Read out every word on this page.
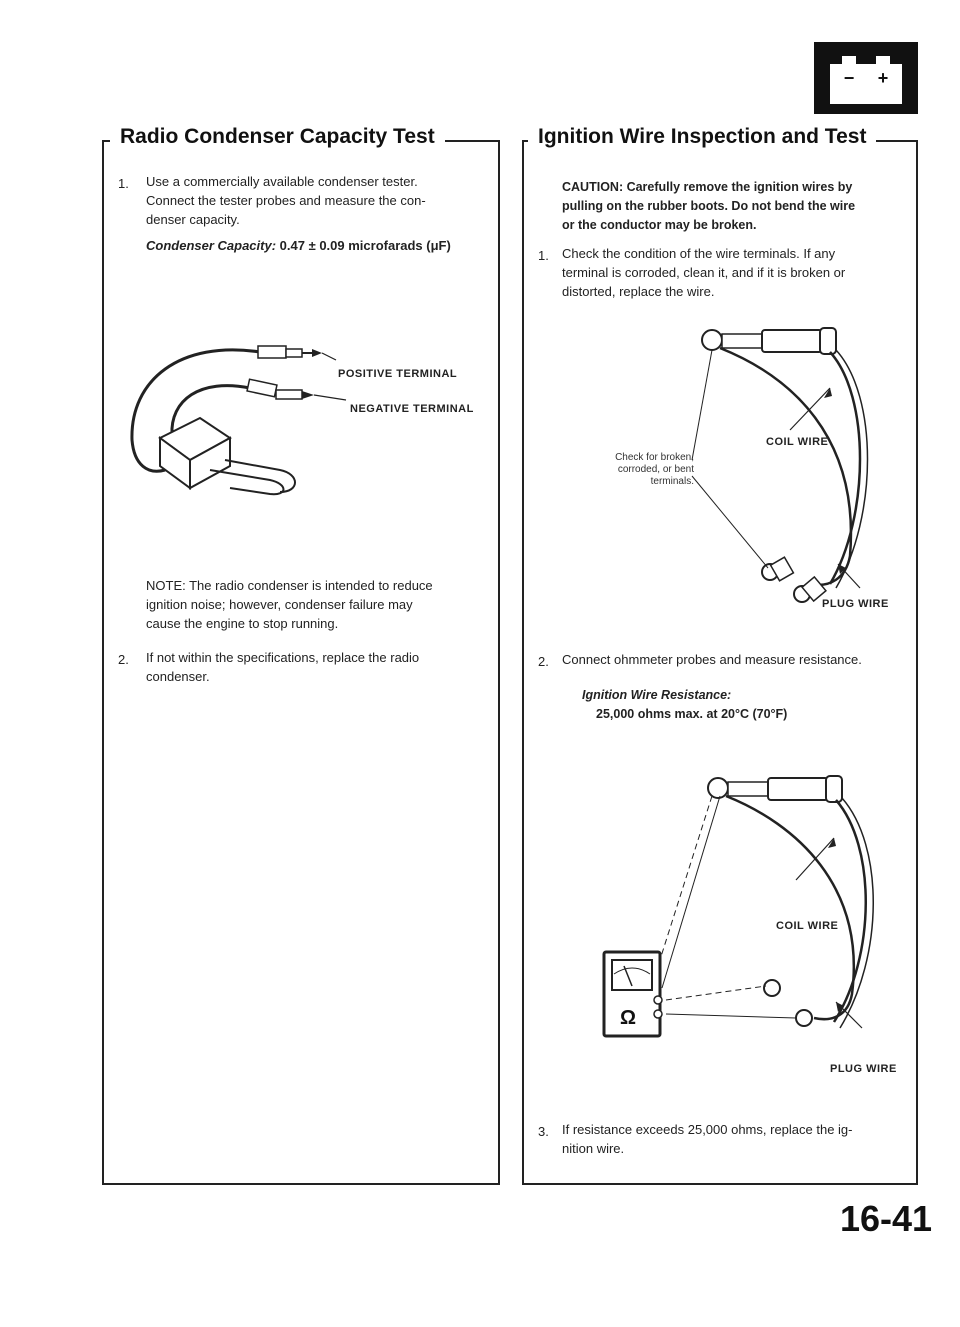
− +
Radio Condenser Capacity Test
1. Use a commercially available condenser tester.
Connect the tester probes and measure the con-
denser capacity.
Condenser Capacity: 0.47 ± 0.09 microfarads (μF)
POSITIVE TERMINAL
NEGATIVE TERMINAL
NOTE: The radio condenser is intended to reduce
ignition noise; however, condenser failure may
cause the engine to stop running.
2. If not within the specifications, replace the radio
condenser.
Ignition Wire Inspection and Test
CAUTION: Carefully remove the ignition wires by
pulling on the rubber boots. Do not bend the wire
or the conductor may be broken.
1. Check the condition of the wire terminals. If any
terminal is corroded, clean it, and if it is broken or
distorted, replace the wire.
Check for broken,
corroded, or bent
terminals.
COIL WIRE
PLUG WIRE
2. Connect ohmmeter probes and measure resistance.
Ignition Wire Resistance:
25,000 ohms max. at 20°C (70°F)
Ω
COIL WIRE
PLUG WIRE
3. If resistance exceeds 25,000 ohms, replace the ig-
nition wire.
16-41
